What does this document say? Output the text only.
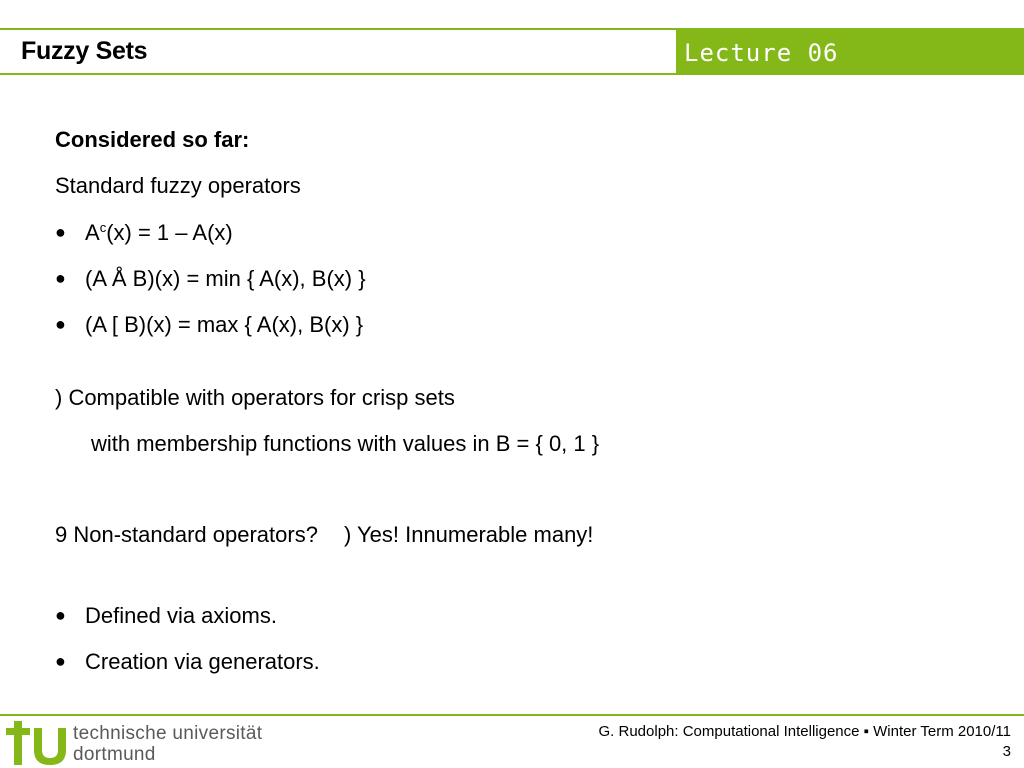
Fuzzy Sets	Lecture 06
Considered so far:
Standard fuzzy operators
● $A^c(x) = 1 - A(x)$
● (A Å B)(x) = min { A(x), B(x) }
● (A [ B)(x) = max { A(x), B(x) }
) Compatible with operators for crisp sets
with membership functions with values in B = { 0, 1 }
9 Non-standard operators? ) Yes! Innumerable many!
● Defined via axioms.
● Creation via generators.
technische universität
dortmund
G. Rudolph: Computational Intelligence ▪ Winter Term 2010/11
3
